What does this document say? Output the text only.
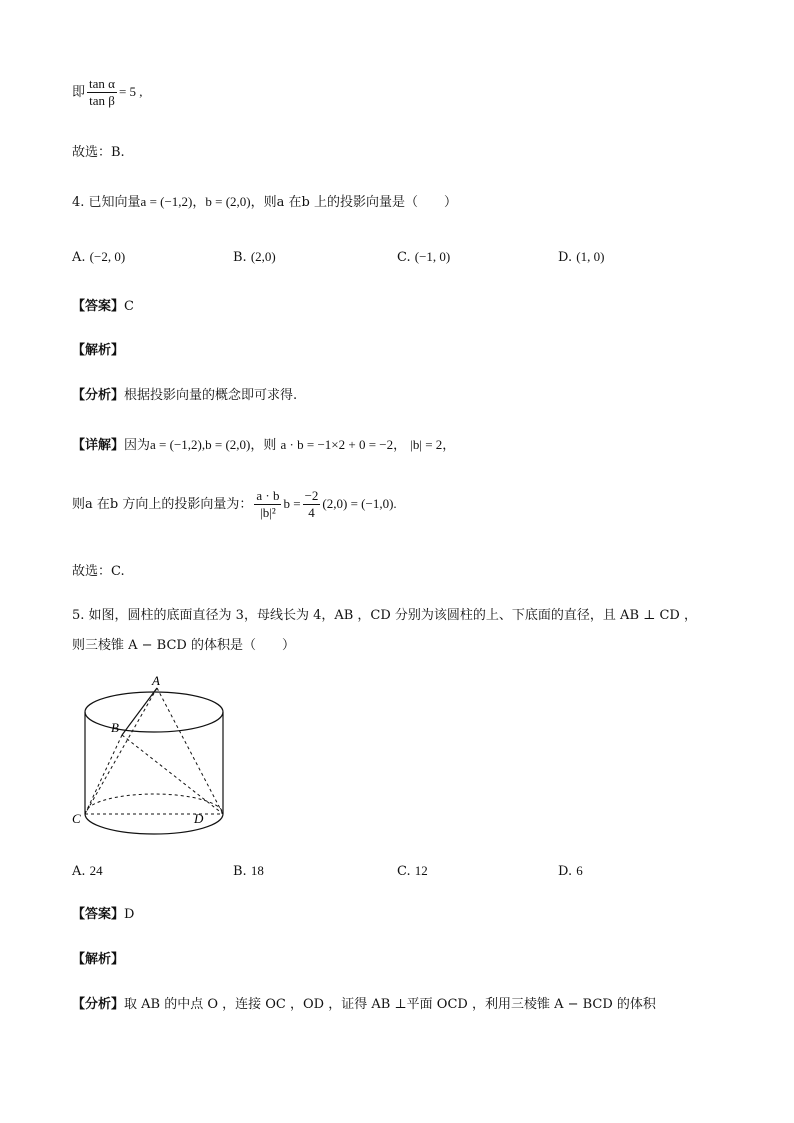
即 $\frac{\text{tan α}}{\text{tan β}} = 5$ ,
故选：B.
4. 已知向量a = (−1,2)，b = (2,0)，则a 在b 上的投影向量是（　　）
A. (−2, 0)	B. (2,0)	C. (−1, 0)	D. (1, 0)
【答案】C
【解析】
【分析】根据投影向量的概念即可求得.
【详解】因为a = (−1,2),b = (2,0)，则 a · b = −1×2 + 0 = −2， |b| = 2，
则a 在b 方向上的投影向量为： $\frac{a \cdot b}{\text{|b|²}}$ $b = \frac{-2}{4} (2,0) = (-1,0)$.
故选：C.
5. 如图，圆柱的底面直径为 3，母线长为 4，AB ，CD 分别为该圆柱的上、下底面的直径，且 AB ⊥ CD ，
则三棱锥 A − BCD 的体积是（　　）
A
B
C	D
A. 24	B. 18	C. 12	D. 6
【答案】D
【解析】
【分析】取 AB 的中点 O ，连接 OC ，OD ，证得 AB ⊥平面 OCD ，利用三棱锥 A − BCD 的体积
